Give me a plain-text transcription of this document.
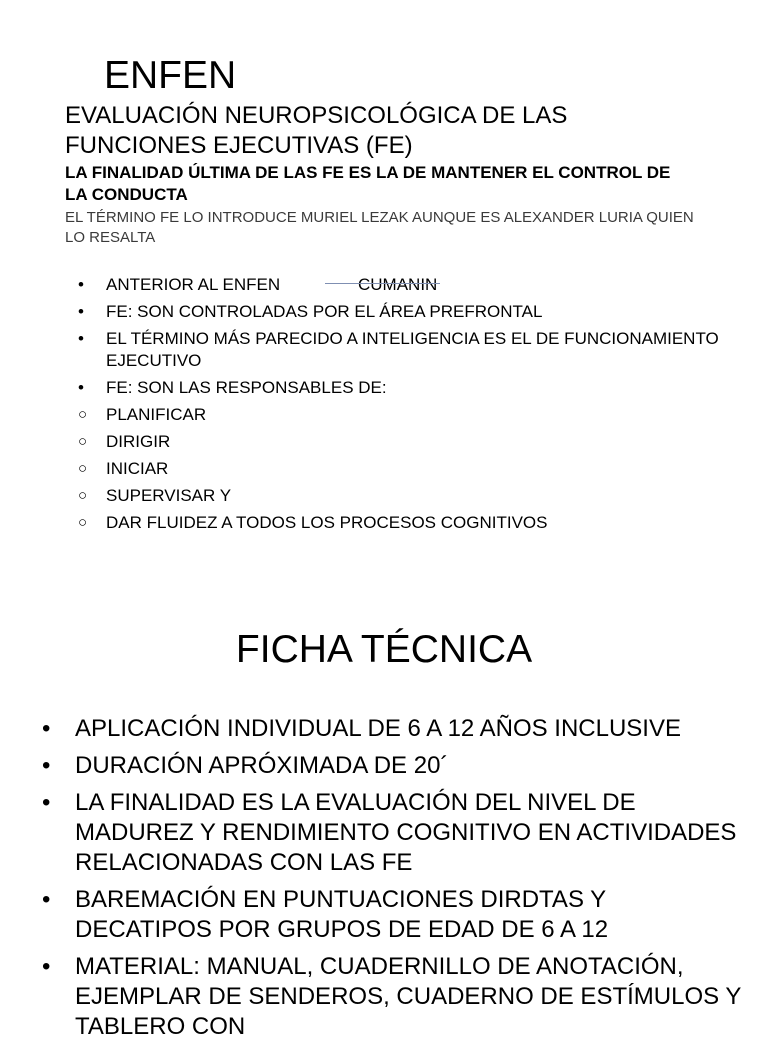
ENFEN
EVALUACIÓN NEUROPSICOLÓGICA DE LAS FUNCIONES EJECUTIVAS (FE)
LA FINALIDAD ÚLTIMA DE LAS FE ES LA DE MANTENER EL CONTROL DE LA CONDUCTA
EL TÉRMINO FE LO INTRODUCE MURIEL LEZAK AUNQUE ES ALEXANDER LURIA QUIEN LO RESALTA
•	ANTERIOR AL ENFEN	CUMANIN
•	FE: SON CONTROLADAS POR EL ÁREA PREFRONTAL
•	EL TÉRMINO MÁS PARECIDO A INTELIGENCIA ES EL DE FUNCIONAMIENTO EJECUTIVO
•	FE: SON LAS RESPONSABLES DE:
○	PLANIFICAR
○	DIRIGIR
○	INICIAR
○	SUPERVISAR Y
○	DAR FLUIDEZ A TODOS LOS PROCESOS COGNITIVOS
FICHA TÉCNICA
• APLICACIÓN INDIVIDUAL DE 6 A 12 AÑOS INCLUSIVE
• DURACIÓN APRÓXIMADA DE 20´
• LA FINALIDAD ES LA EVALUACIÓN DEL NIVEL DE MADUREZ Y RENDIMIENTO COGNITIVO EN ACTIVIDADES RELACIONADAS CON LAS FE
• BAREMACIÓN EN PUNTUACIONES DIRDTAS Y DECATIPOS POR GRUPOS DE EDAD DE 6 A 12
• MATERIAL: MANUAL, CUADERNILLO DE ANOTACIÓN, EJEMPLAR DE SENDEROS, CUADERNO DE ESTÍMULOS Y TABLERO CON
